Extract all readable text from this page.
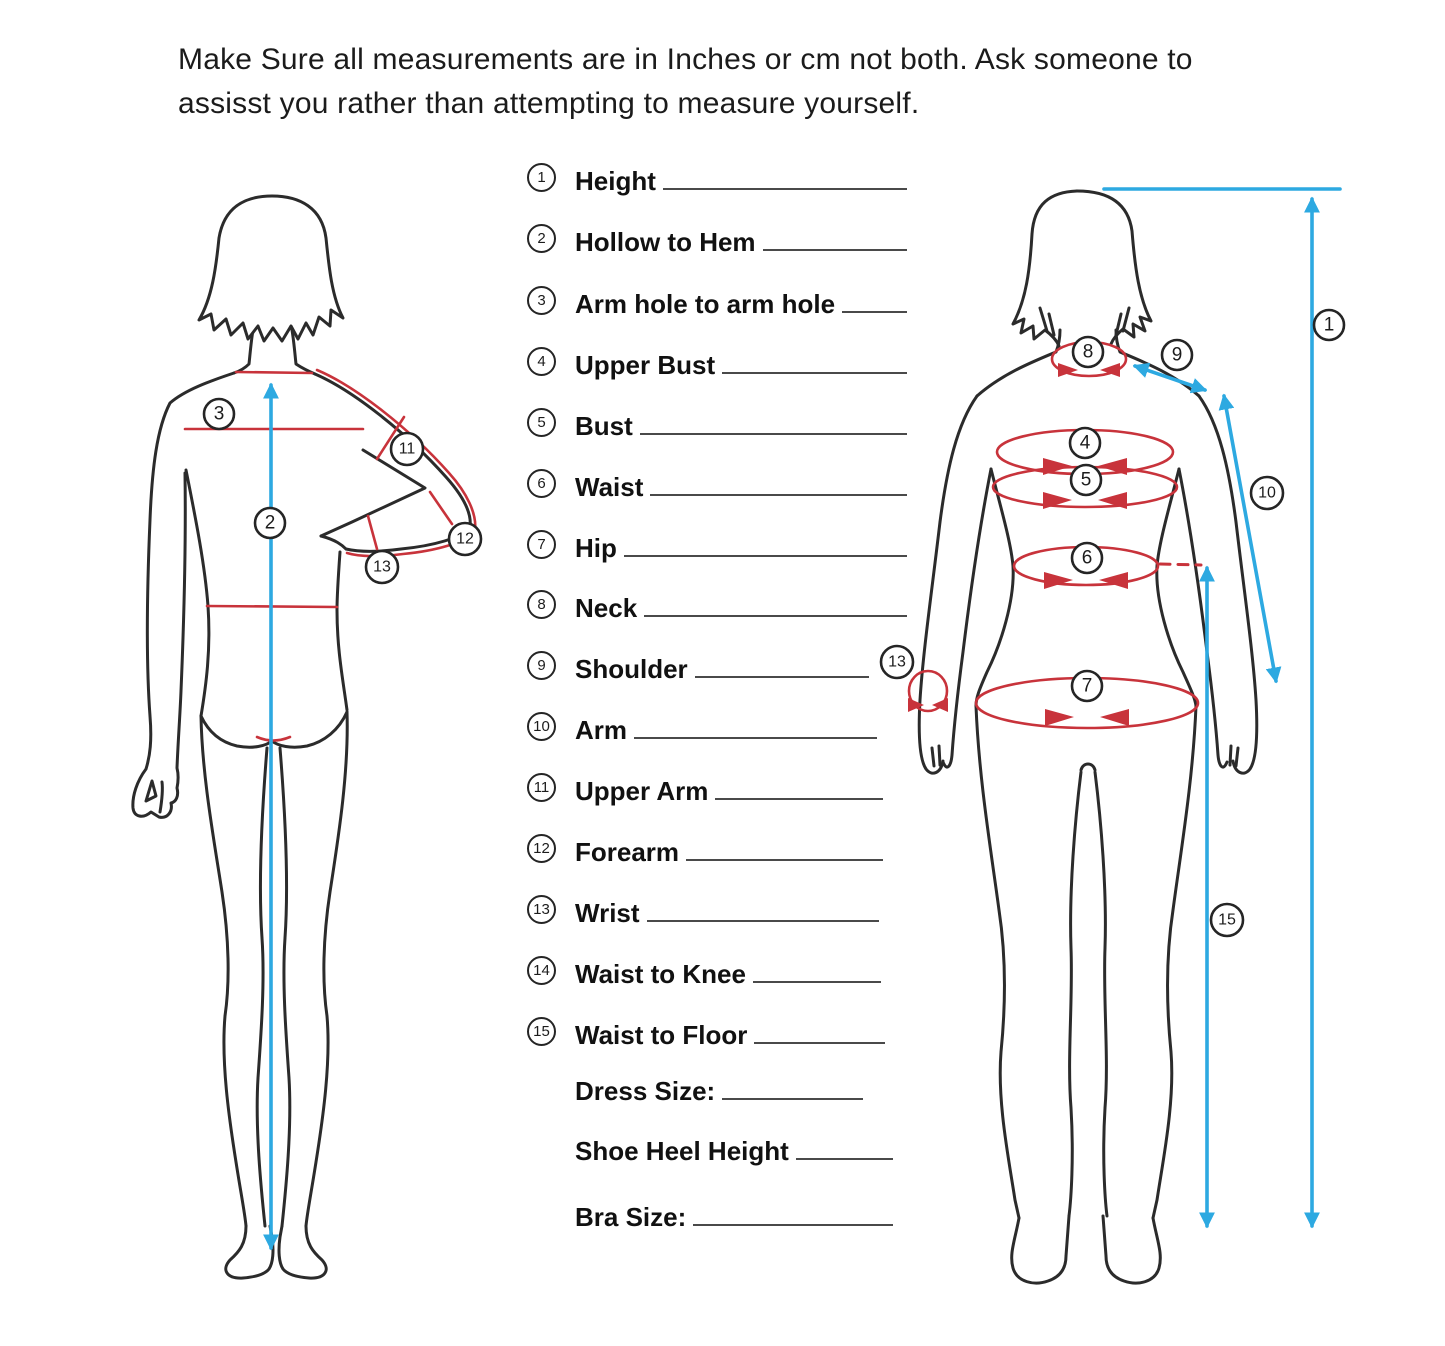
Make Sure all measurements are in Inches or cm not both. Ask someone to
assisst you rather than attempting to measure yourself.
1	Height
2	Hollow to Hem
3	Arm hole to arm hole
4	Upper Bust
5	Bust
6	Waist
7	Hip
8	Neck
9	Shoulder
10 Arm
11 Upper Arm
12 Forearm
13 Wrist
14 Waist to Knee
15 Waist to Floor
Dress Size:
Shoe Heel Height
Bra Size:
3
2
11
12
13
1
8	9
4
5
10
6
13
7
15
